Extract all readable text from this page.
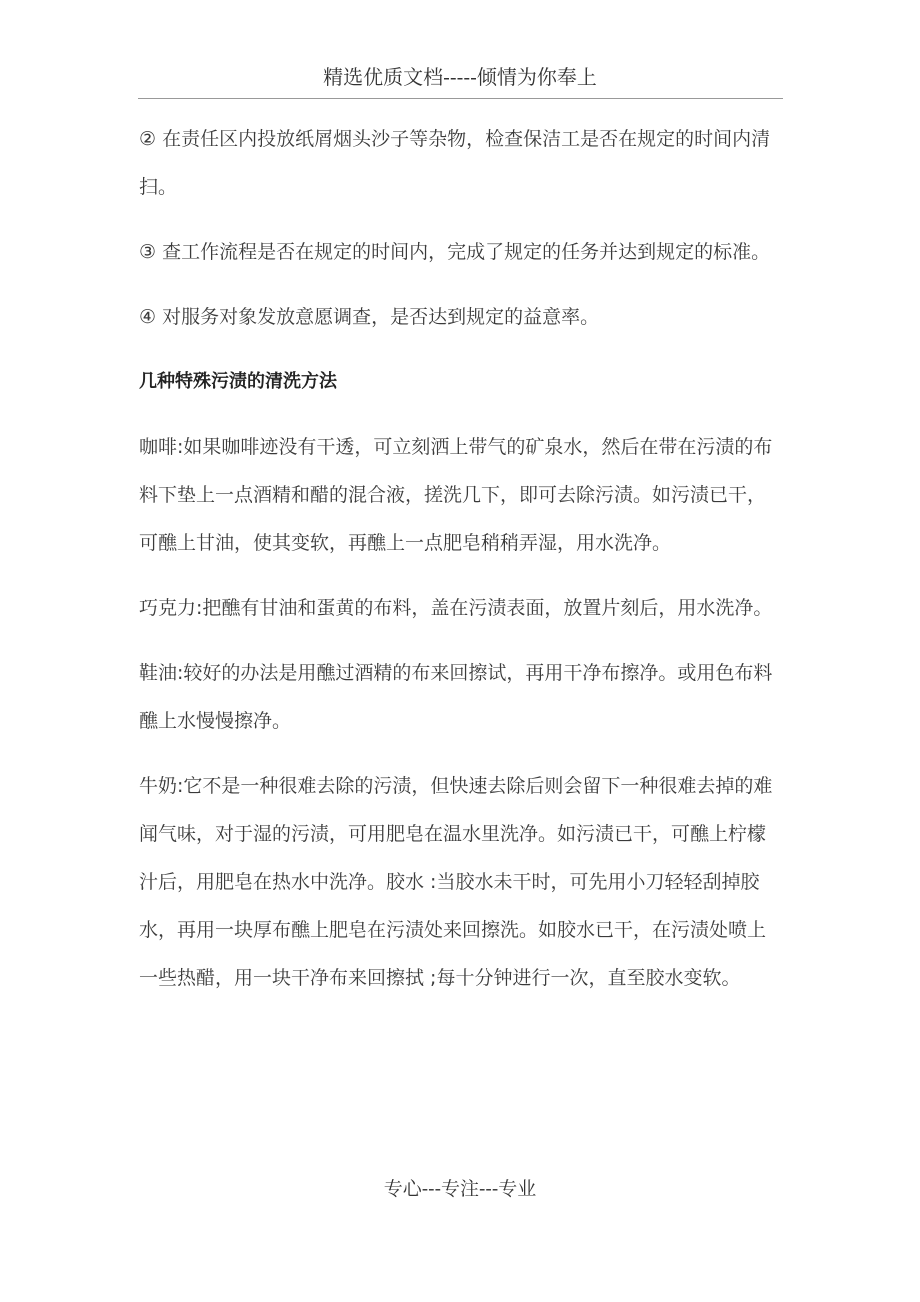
精选优质文档-----倾情为你奉上

② 在责任区内投放纸屑烟头沙子等杂物，检查保洁工是否在规定的时间内清扫。

③ 查工作流程是否在规定的时间内，完成了规定的任务并达到规定的标准。

④ 对服务对象发放意愿调查，是否达到规定的益意率。

几种特殊污渍的清洗方法

咖啡:如果咖啡迹没有干透，可立刻洒上带气的矿泉水，然后在带在污渍的布料下垫上一点酒精和醋的混合液，搓洗几下，即可去除污渍。如污渍已干，可醮上甘油，使其变软，再醮上一点肥皂稍稍弄湿，用水洗净。

巧克力:把醮有甘油和蛋黄的布料，盖在污渍表面，放置片刻后，用水洗净。

鞋油:较好的办法是用醮过酒精的布来回擦试，再用干净布擦净。或用色布料醮上水慢慢擦净。

牛奶:它不是一种很难去除的污渍，但快速去除后则会留下一种很难去掉的难闻气味，对于湿的污渍，可用肥皂在温水里洗净。如污渍已干，可醮上柠檬汁后，用肥皂在热水中洗净。胶水 :当胶水未干时，可先用小刀轻轻刮掉胶水，再用一块厚布醮上肥皂在污渍处来回擦洗。如胶水已干，在污渍处喷上一些热醋，用一块干净布来回擦拭 ;每十分钟进行一次，直至胶水变软。

专心---专注---专业
